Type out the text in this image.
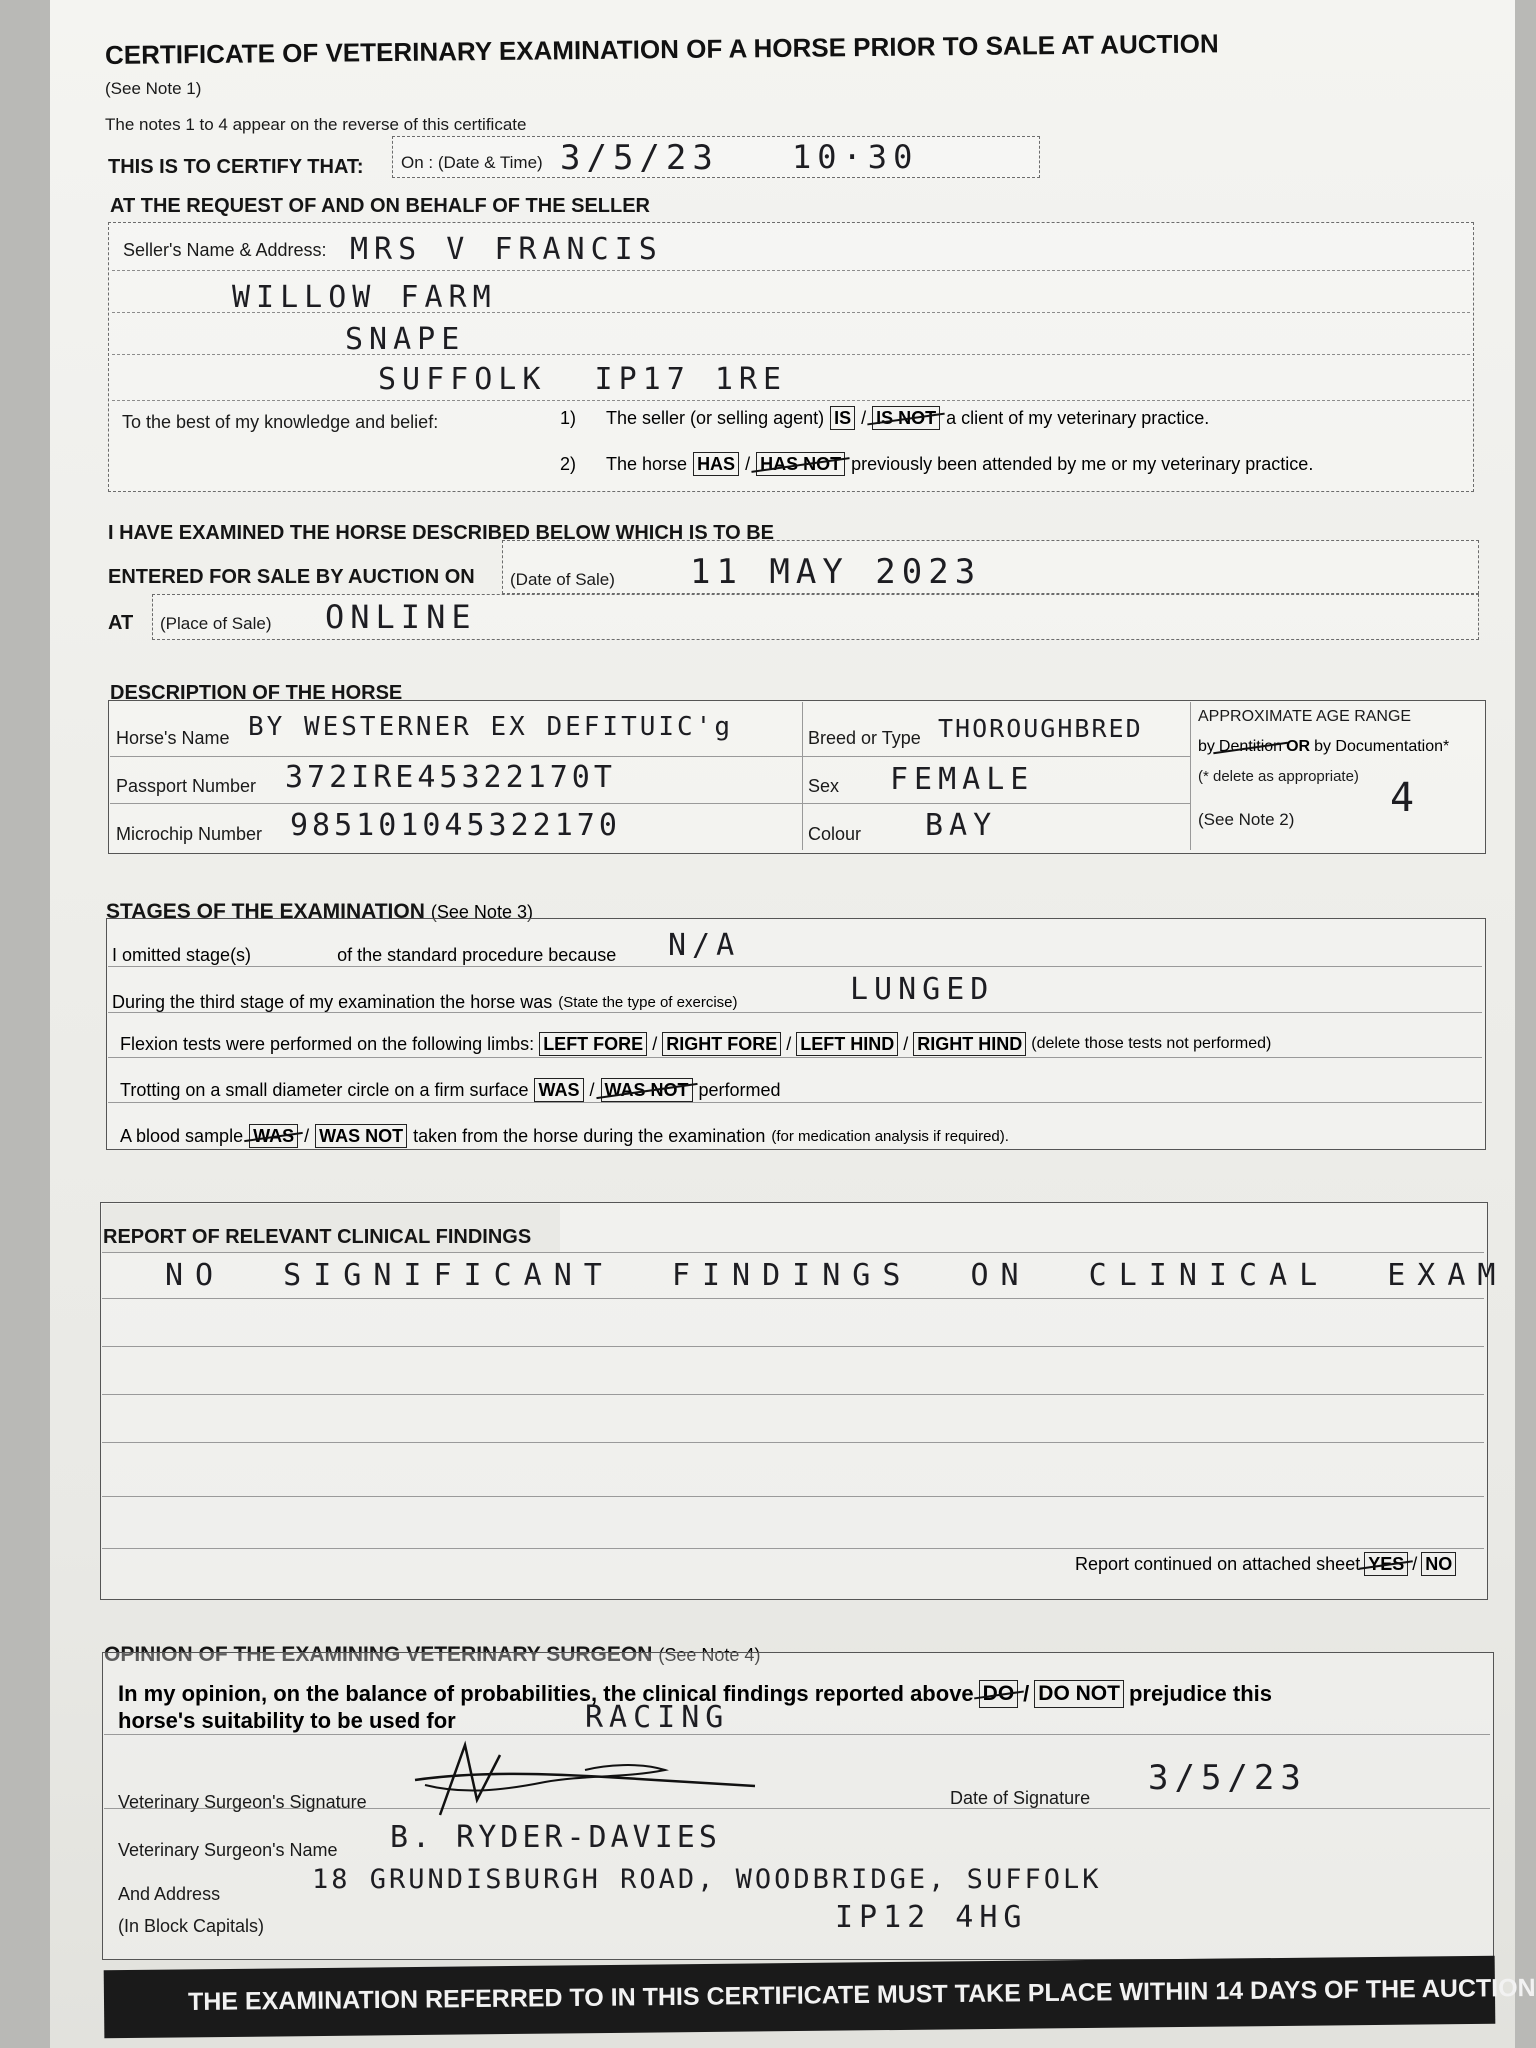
CERTIFICATE OF VETERINARY EXAMINATION OF A HORSE PRIOR TO SALE AT AUCTION
(See Note 1)
The notes 1 to 4 appear on the reverse of this certificate
THIS IS TO CERTIFY THAT: On : (Date & Time) 3/5/23 10·30
AT THE REQUEST OF AND ON BEHALF OF THE SELLER
Seller's Name & Address: MRS V FRANCIS
WILLOW FARM
SNAPE
SUFFOLK  IP17 1RE
To the best of my knowledge and belief:	1) The seller (or selling agent) IS / IS NOT a client of my veterinary practice.
2) The horse HAS / HAS NOT previously been attended by me or my veterinary practice.
I HAVE EXAMINED THE HORSE DESCRIBED BELOW WHICH IS TO BE
ENTERED FOR SALE BY AUCTION ON (Date of Sale) 11 MAY 2023
AT (Place of Sale) ONLINE
DESCRIPTION OF THE HORSE
Horse's Name BY WESTERNER EX DEFITUIC'g
Passport Number 372IRE45322170T
Microchip Number 985101045322170
Breed or Type THOROUGHBRED
Sex FEMALE
Colour BAY
APPROXIMATE AGE RANGE
by Dentition OR by Documentation*
(* delete as appropriate)
(See Note 2) 4
STAGES OF THE EXAMINATION (See Note 3)
I omitted stage(s)	of the standard procedure because N/A
During the third stage of my examination the horse was (State the type of exercise)	LUNGED
Flexion tests were performed on the following limbs: LEFT FORE / RIGHT FORE / LEFT HIND / RIGHT HIND (delete those tests not performed)
Trotting on a small diameter circle on a firm surface WAS / WAS NOT performed
A blood sample WAS / WAS NOT taken from the horse during the examination (for medication analysis if required).
REPORT OF RELEVANT CLINICAL FINDINGS
NO SIGNIFICANT FINDINGS ON CLINICAL EXAM
Report continued on attached sheet YES / NO
OPINION OF THE EXAMINING VETERINARY SURGEON (See Note 4)
In my opinion, on the balance of probabilities, the clinical findings reported above DO / DO NOT prejudice this
horse's suitability to be used for	RACING
Veterinary Surgeon's Signature	Date of Signature 3/5/23
Veterinary Surgeon's Name B. RYDER-DAVIES
And Address
(In Block Capitals)
18 GRUNDISBURGH ROAD, WOODBRIDGE, SUFFOLK
IP12 4HG
THE EXAMINATION REFERRED TO IN THIS CERTIFICATE MUST TAKE PLACE WITHIN 14 DAYS OF THE AUCTION
